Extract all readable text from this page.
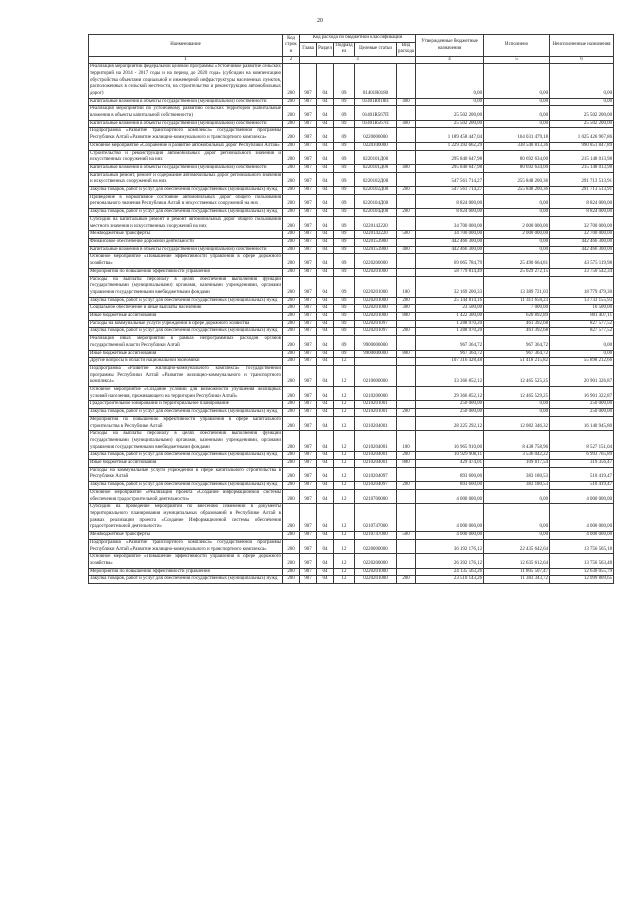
20
Наименование	Код строки	Код расхода по бюджетной классификации					Утвержденные бюджетные назначения	Исполнено	Неисполненные назначения
		Глава	Раздел	Подраздел	Целевые статьи	Вид расхода			
1	2	3					4	5	6
Реализация мероприятий федеральной целевой программы «Устойчивое развитие сельских территорий на 2014 - 2017 годы и на период до 2020 года» (субсидии на компенсацию обустройства объектами социальной и инженерной инфраструктуры населенных пунктов, расположенных в сельской местности, на строительство и реконструкцию автомобильных дорог)	200	907	04	09	01401R0180		0,00	0,00	0,00
Капитальные вложения в объекты государственной (муниципальной) собственности	200	907	04	09	01401R018П	400	0,00	0,00	0,00
Реализация мероприятий по устойчивому развитию сельских территорий (капитальные вложения в объекты капитальной собственности)	200	907	04	09	01401R567П		25 502 200,00	0,00	25 502 200,00
Капитальные вложения в объекты государственной (муниципальной) собственности	200	907	04	09	01401R567П	400	25 502 200,00	0,00	25 502 200,00
Подпрограмма «Развитие транспортного комплекса» государственной программы Республики Алтай «Развитие жилищно-коммунального и транспортного комплекса»	200	907	04	09	0220000000		1 189 458 447,04	164 031 479,18	1 025 426 967,86
Основное мероприятие «Сохранение и развитие автомобильных дорог Республики Алтай»	200	907	04	09	0220100000		1 229 392 662,29	338 540 813,36	990 851 847,89
Строительство и реконструкция автомобильных дорог регионального значения и искусственных сооружений на них	200	907	04	09	0220101Д00		295 840 647,98	80 692 634,00	215 148 013,98
Капитальные вложения в объекты государственной (муниципальной) собственности	200	907	04	09	0220101Д00	400	295 840 647,98	80 692 634,00	215 148 013,98
Капитальный ремонт, ремонт и содержание автомобильных дорог регионального значения и искусственных сооружений на них	200	907	04	09	0220102Д00		547 561 714,27	255 848 200,36	291 713 513,91
Закупка товаров, работ и услуг для обеспечения государственных (муниципальных) нужд	200	907	04	09	0220102Д00	200	547 561 714,27	255 848 200,36	291 713 513,91
Приведение в нормативное состояние автомобильных дорог общего пользования регионального значения Республики Алтай и искусственных сооружений на них	200	907	04	09	0220104Д00		8 824 000,00	0,00	8 824 000,00
Закупка товаров, работ и услуг для обеспечения государственных (муниципальных) нужд	200	907	04	09	0220104Д00	200	8 824 000,00	0,00	8 824 000,00
Субсидии на капитальный ремонт и ремонт автомобильных дорог общего пользования местного значения и искусственных сооружений на них	200	907	04	09	0220142220		34 700 000,00	2 000 000,00	32 700 000,00
Межбюджетные трансферты	200	907	04	09	0220142220	500	34 700 000,00	2 000 000,00	32 700 000,00
Финансовое обеспечение дорожной деятельности	200	907	04	09	0220153900		442 466 300,00	0,00	442 466 300,00
Капитальные вложения в объекты государственной (муниципальной) собственности	200	907	04	09	0220153900	400	442 466 300,00	0,00	442 466 300,00
Основное мероприятие «Повышение эффективности управления в сфере дорожного хозяйства»	200	907	04	09	0220200000		69 065 784,79	25 490 664,81	43 575 119,98
Мероприятия по повышению эффективности управления	200	907	04	09	0220201000		58 779 814,49	25 029 272,15	33 750 542,34
Расходы на выплаты персоналу в целях обеспечения выполнения функций государственными (муниципальными) органами, казенными учреждениями, органами управления государственными внебюджетными фондами	200	907	04	09	0220201000	100	32 169 200,33	13 389 721,03	18 779 479,30
Закупка товаров, работ и услуг для обеспечения государственных (муниципальных) нужд	200	907	04	09	0220201000	200	25 144 814,16	11 411 658,23	13 733 155,93
Социальное обеспечение и иные выплаты населению	200	907	04	09	0220201000	300	23 500,00	7 000,00	16 500,00
Иные бюджетные ассигнования	200	907	04	09	0220201000	800	1 422 300,00	620 892,89	801 407,11
Расходы на коммунальные услуги учреждений в сфере дорожного хозяйства	200	907	04	09	0220201097		1 288 970,20	461 392,68	827 577,52
Закупка товаров, работ и услуг для обеспечения государственных (муниципальных) нужд	200	907	04	09	0220201097	200	1 288 970,20	461 392,68	827 577,52
Реализация иных мероприятий в рамках непрограммных расходов органов государственной власти Республики Алтай	200	907	04	09	9900000000		967 364,72	967 364,72	0,00
Иные бюджетные ассигнования	200	907	04	09	9900000000	800	967 364,72	967 364,72	0,00
Другие вопросы в области национальной экономики	200	907	04	12			107 316 428,48	51 418 215,82	55 898 212,66
Подпрограмма «Развитие жилищно-коммунального комплекса» государственной программы Республики Алтай «Развитие жилищно-коммунального и транспортного комплекса»	200	907	04	12	0210000000		33 366 852,12	12 465 525,25	20 901 326,87
Основное мероприятие «Создание условий для возможности улучшения жилищных условий населения, проживающего на территории Республики Алтай»	200	907	04	12	0210200000		29 366 852,12	12 465 529,25	16 901 322,87
Градостроительное зонирование и территориальное планирование	200	907	04	12	0210201001		250 000,00	0,00	250 000,00
Закупка товаров, работ и услуг для обеспечения государственных (муниципальных) нужд	200	907	04	12	0210201001	200	250 000,00	0,00	250 000,00
Мероприятия по повышению эффективности управления в сфере капитального строительства в Республике Алтай	200	907	04	12	0210204001		28 225 292,12	12 082 346,32	16 140 945,80
Расходы на выплаты персоналу в целях обеспечения выполнения функций государственными (муниципальными) органами, казенными учреждениями, органами управления государственными внебюджетными фондами	200	907	04	12	0210204001	100	16 965 910,00	8 438 758,96	8 527 151,04
Закупка товаров, работ и услуг для обеспечения государственных (муниципальных) нужд	200	907	04	12	0210204001	200	10 929 908,11	3 536 042,22	6 993 765,89
Иные бюджетные ассигнования	200	907	04	12	0210204001	800	429 474,01	109 817,54	319 356,47
Расходы на коммунальные услуги учреждений в сфере капитального строительства в Республике Алтай	200	907	04	12	0210204097		893 600,00	383 180,53	510 419,47
Закупка товаров, работ и услуг для обеспечения государственных (муниципальных) нужд	200	907	04	12	0210204097	200	893 600,00	383 180,53	510 419,47
Основное мероприятие «Реализация проекта «Создание информационной системы обеспечения градостроительной деятельности»	200	907	04	12	0210700000		4 000 000,00	0,00	4 000 000,00
Субсидии на проведение мероприятий по внесению изменений в документы территориального планирования муниципальных образований в Республике Алтай в рамках реализации проекта «Создание Информационной системы обеспечения градостроительной деятельности»	200	907	04	12	0210747000		4 000 000,00	0,00	4 000 000,00
Межбюджетные трансферты	200	907	04	12	0210747000	500	4 000 000,00	0,00	4 000 000,00
Подпрограмма «Развитие транспортного комплекса» государственной программы Республики Алтай «Развитие жилищно-коммунального и транспортного комплекса»	200	907	04	12	0220000000		36 192 176,12	22 435 642,64	13 756 565,18
Основное мероприятие «Повышение эффективности управления в сфере дорожного хозяйства»	200	907	04	12	0220200000		26 392 176,12	12 635 612,64	13 756 563,48
Мероприятия по повышению эффективности управления	200	907	04	12	0220201000		24 135 563,26	11 805 507,47	12 630 055,79
Закупка товаров, работ и услуг для обеспечения государственных (муниципальных) нужд	200	907	04	12	0220201000	200	23 510 143,26	11 383 343,72	12 099 809,65
